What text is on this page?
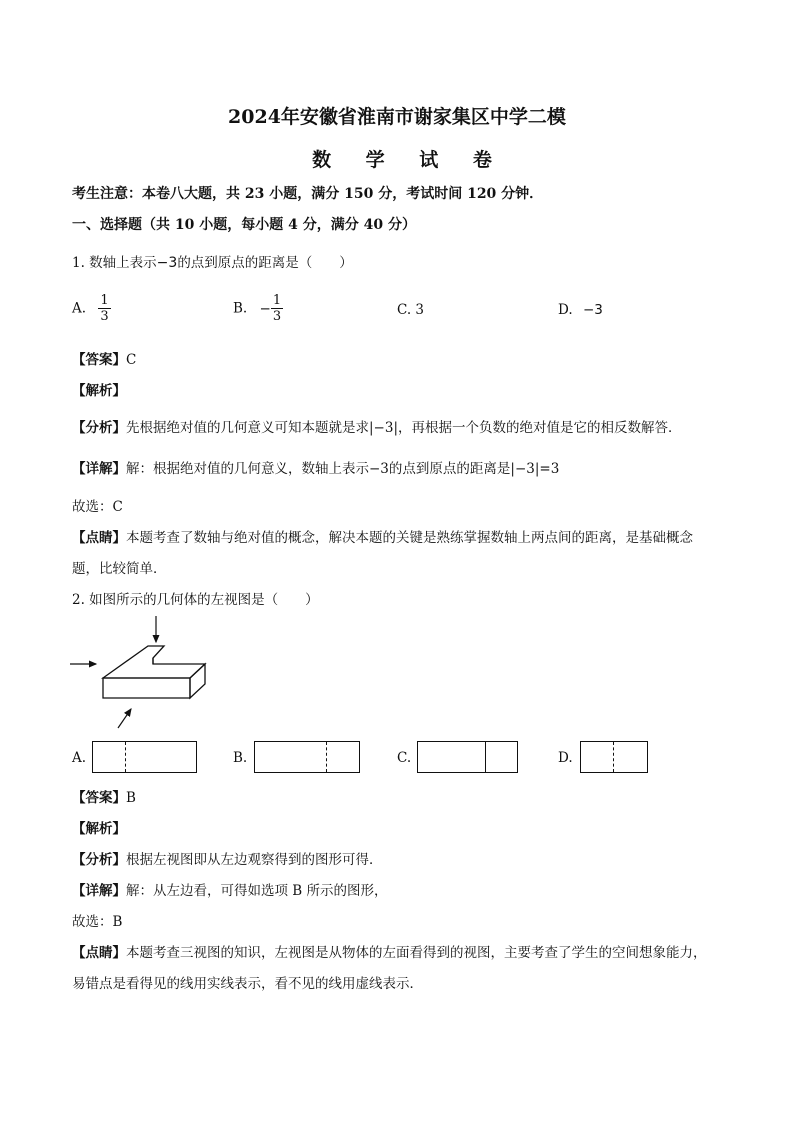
2024年安徽省淮南市谢家集区中学二模
数 学 试 卷
考生注意：本卷八大题，共 23 小题，满分 150 分，考试时间 120 分钟．
一、选择题（共 10 小题，每小题 4 分，满分 40 分）
1. 数轴上表示−3的点到原点的距离是（　　）
A. $\frac{1}{3}$	B. − $\frac{1}{3}$	C. 3	D. −3
【答案】C
【解析】
【分析】先根据绝对值的几何意义可知本题就是求|−3|，再根据一个负数的绝对值是它的相反数解答．
【详解】解：根据绝对值的几何意义，数轴上表示−3的点到原点的距离是|−3|=3
故选：C
【点睛】本题考查了数轴与绝对值的概念，解决本题的关键是熟练掌握数轴上两点间的距离，是基础概念
题，比较简单．
2. 如图所示的几何体的左视图是（　　）
A.	B.	C.	D.
【答案】B
【解析】
【分析】根据左视图即从左边观察得到的图形可得．
【详解】解：从左边看，可得如选项 B 所示的图形，
故选：B
【点睛】本题考查三视图的知识，左视图是从物体的左面看得到的视图，主要考查了学生的空间想象能力，
易错点是看得见的线用实线表示，看不见的线用虚线表示．
